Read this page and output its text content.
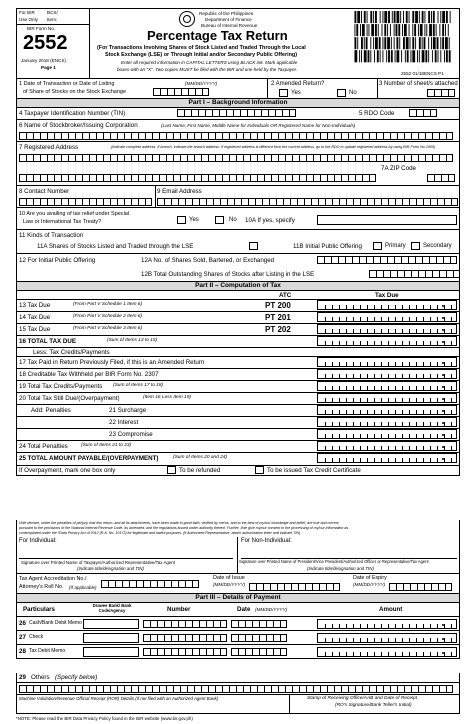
For BIR	BCS/
Use Only Item:
BIR Form No.
2552
January 2018 (ENCS)
Page 1
Republic of the Philippines
Department of Finance
Bureau of Internal Revenue
Percentage Tax Return
(For Transactions Involving Shares of Stock Listed and Traded Through the Local
Stock Exchange (LSE) or Through Initial and/or Secondary Public Offering)
Enter all required information in CAPITAL LETTERS using BLACK ink. Mark applicable
boxes with an "X". Two copies MUST be filed with the BIR and one held by the Taxpayer.
2552 01/18ENCS P1
1 Date of Transaction or Date of Listing
of Share of Stocks on the Stock Exchange
(MM/DD/YYYY)	2 Amended Return?
Yes	No
3 Number of sheet/s attached
Part I – Background Information
4 Taxpayer Identification Number (TIN)	5 RDO Code
6 Name of Stockbroker/Issuing Corporation	(Last Name, First Name, Middle Name for Individuals OR Registered Name for Non-Individuals)
7 Registered Address	(Indicate complete address. If branch, indicate the branch address. If registered address is different from the current address, go to the RDO to update registered address by using BIR Form No.1905)
7A ZIP Code
8 Contact Number	9 Email Address
10 Are you availing of tax relief under Special
Law or International Tax Treaty?	Yes	No 10A If yes, specify
11 Kinds of Transaction
11A Shares of Stocks Listed and Traded through the LSE	11B Initial Public Offering	Primary	Secondary
12 For Initial Public Offering	12A No. of Shares Sold, Bartered, or Exchanged
12B Total Outstanding Shares of Stocks after Listing in the LSE
Part II – Computation of Tax
ATC	Tax Due
I/We declare, under the penalties of perjury, that this return, and all its attachments, have been made in good faith, verified by me/us, and to the best of my/our knowledge and belief, are true and correct,
pursuant to the provisions of the National Internal Revenue Code, as amended, and the regulations issued under authority thereof. Further, I/we give my/our consent to the processing of my/our information as
contemplated under the *Data Privacy Act of 2012 (R.A. No. 10173) for legitimate and lawful purposes. (If Authorized Representative, attach authorization letter and indicate TIN)
For Individual:	For Non-Individual:
Signature over Printed Name of Taxpayer/Authorized Representative/Tax Agent
(Indicate title/designation and TIN)
Signature over Printed Name of President/Vice President/Authorized Officer or Representative/Tax Agent
(Indicate title/designation and TIN)
Tax Agent Accreditation No./
Attorney's Roll No. (If applicable)
Date of Issue
(MM/DD/YYYY)
Date of Expiry
(MM/DD/YYYY)
Part III – Details of Payment
Particulars
Drawee Bank/ Bank Code/Agency	Number	Date (MM/DD/YYYY)	Amount
29 Others (Specify below)
Machine Validation/Revenue Official Receipt (ROR) Details (If not filed with an Authorized Agent Bank)	Stamp of Receiving Office/AAB and Date of Receipt
(RO's Signature/Bank Teller's Initial)
*NOTE: Please read the BIR Data Privacy Policy found in the BIR website (www.bir.gov.ph)
13 Tax Due	(From Part V Schedule 1 Item 6)	PT 200
14 Tax Due	(From Part V Schedule 2 Item 6)	PT 201
15 Tax Due	(From Part V Schedule 3 Item 6)	PT 202
16 TOTAL TAX DUE	(Sum of Items 13 to 15)
Less: Tax Credits/Payments
17 Tax Paid in Return Previously Filed, if this is an Amended Return
18 Creditable Tax Withheld per BIR Form No. 2307
19 Total Tax Credits/Payments (Sum of Items 17 to 18)
20 Total Tax Still Due/(Overpayment)	(Item 16 Less Item 19)
Add: Penalties	21 Surcharge
22 Interest
23 Compromise
24 Total Penalties	(Sum of Items 21 to 23)
25 TOTAL AMOUNT PAYABLE/(OVERPAYMENT)	(Sum of Items 20 and 24)
If Overpayment, mark one box only	To be refunded	To be issued Tax Credit Certificate
26 Cash/Bank Debit Memo
27 Check
28 Tax Debit Memo
